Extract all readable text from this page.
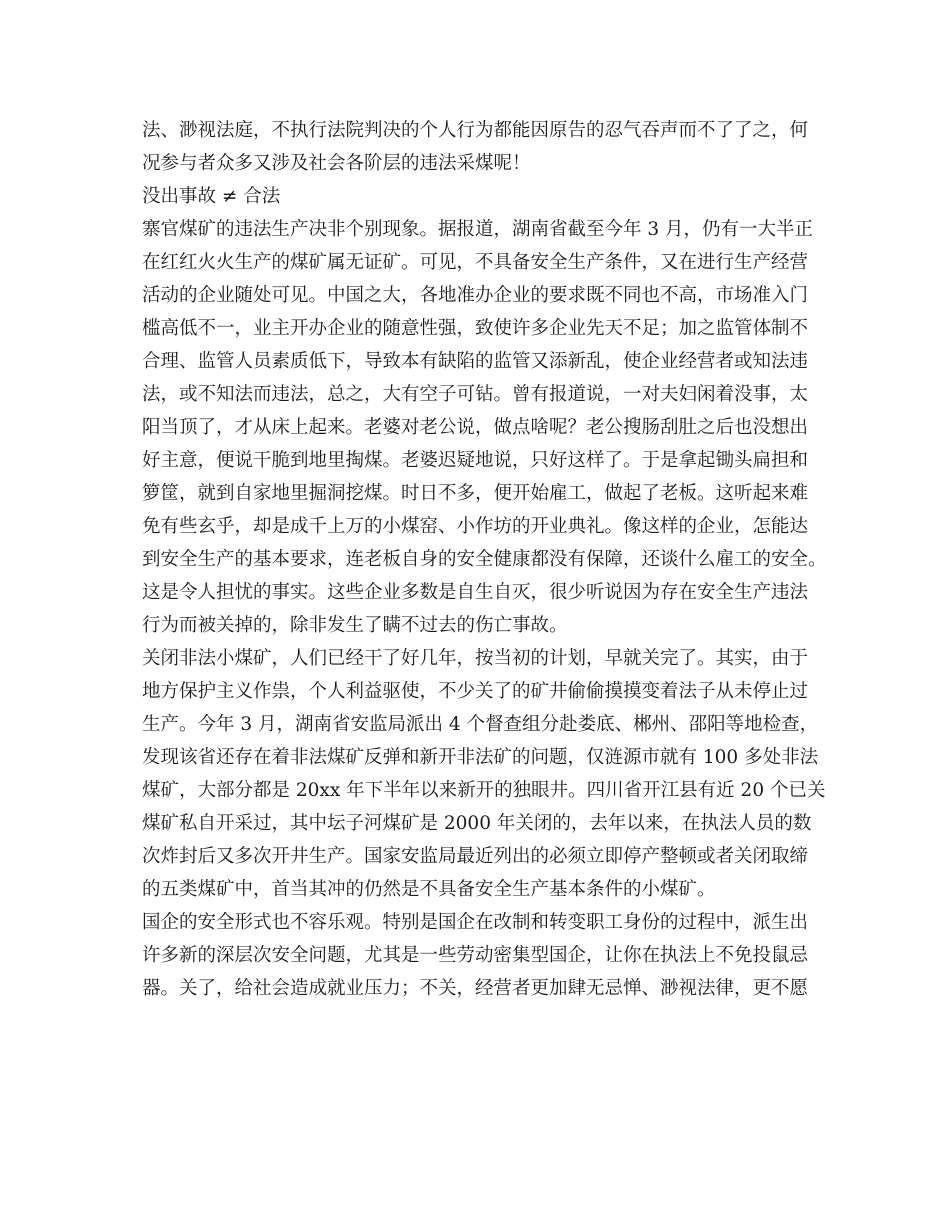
法、渺视法庭，不执行法院判决的个人行为都能因原告的忍气吞声而不了了之，何
况参与者众多又涉及社会各阶层的违法采煤呢！
没出事故 ≠ 合法
寨官煤矿的违法生产决非个别现象。据报道，湖南省截至今年 3 月，仍有一大半正
在红红火火生产的煤矿属无证矿。可见，不具备安全生产条件，又在进行生产经营
活动的企业随处可见。中国之大，各地准办企业的要求既不同也不高，市场准入门
槛高低不一，业主开办企业的随意性强，致使许多企业先天不足；加之监管体制不
合理、监管人员素质低下，导致本有缺陷的监管又添新乱，使企业经营者或知法违
法，或不知法而违法，总之，大有空子可钻。曾有报道说，一对夫妇闲着没事，太
阳当顶了，才从床上起来。老婆对老公说，做点啥呢？老公搜肠刮肚之后也没想出
好主意，便说干脆到地里掏煤。老婆迟疑地说，只好这样了。于是拿起锄头扁担和
箩筐，就到自家地里掘洞挖煤。时日不多，便开始雇工，做起了老板。这听起来难
免有些玄乎，却是成千上万的小煤窑、小作坊的开业典礼。像这样的企业，怎能达
到安全生产的基本要求，连老板自身的安全健康都没有保障，还谈什么雇工的安全。
这是令人担忧的事实。这些企业多数是自生自灭，很少听说因为存在安全生产违法
行为而被关掉的，除非发生了瞒不过去的伤亡事故。
关闭非法小煤矿，人们已经干了好几年，按当初的计划，早就关完了。其实，由于
地方保护主义作祟，个人利益驱使，不少关了的矿井偷偷摸摸变着法子从未停止过
生产。今年 3 月，湖南省安监局派出 4 个督查组分赴娄底、郴州、邵阳等地检查，
发现该省还存在着非法煤矿反弹和新开非法矿的问题，仅涟源市就有 100 多处非法
煤矿，大部分都是 20xx 年下半年以来新开的独眼井。四川省开江县有近 20 个已关
煤矿私自开采过，其中坛子河煤矿是 2000 年关闭的，去年以来，在执法人员的数
次炸封后又多次开井生产。国家安监局最近列出的必须立即停产整顿或者关闭取缔
的五类煤矿中，首当其冲的仍然是不具备安全生产基本条件的小煤矿。
国企的安全形式也不容乐观。特别是国企在改制和转变职工身份的过程中，派生出
许多新的深层次安全问题，尤其是一些劳动密集型国企，让你在执法上不免投鼠忌
器。关了，给社会造成就业压力；不关，经营者更加肆无忌惮、渺视法律，更不愿
